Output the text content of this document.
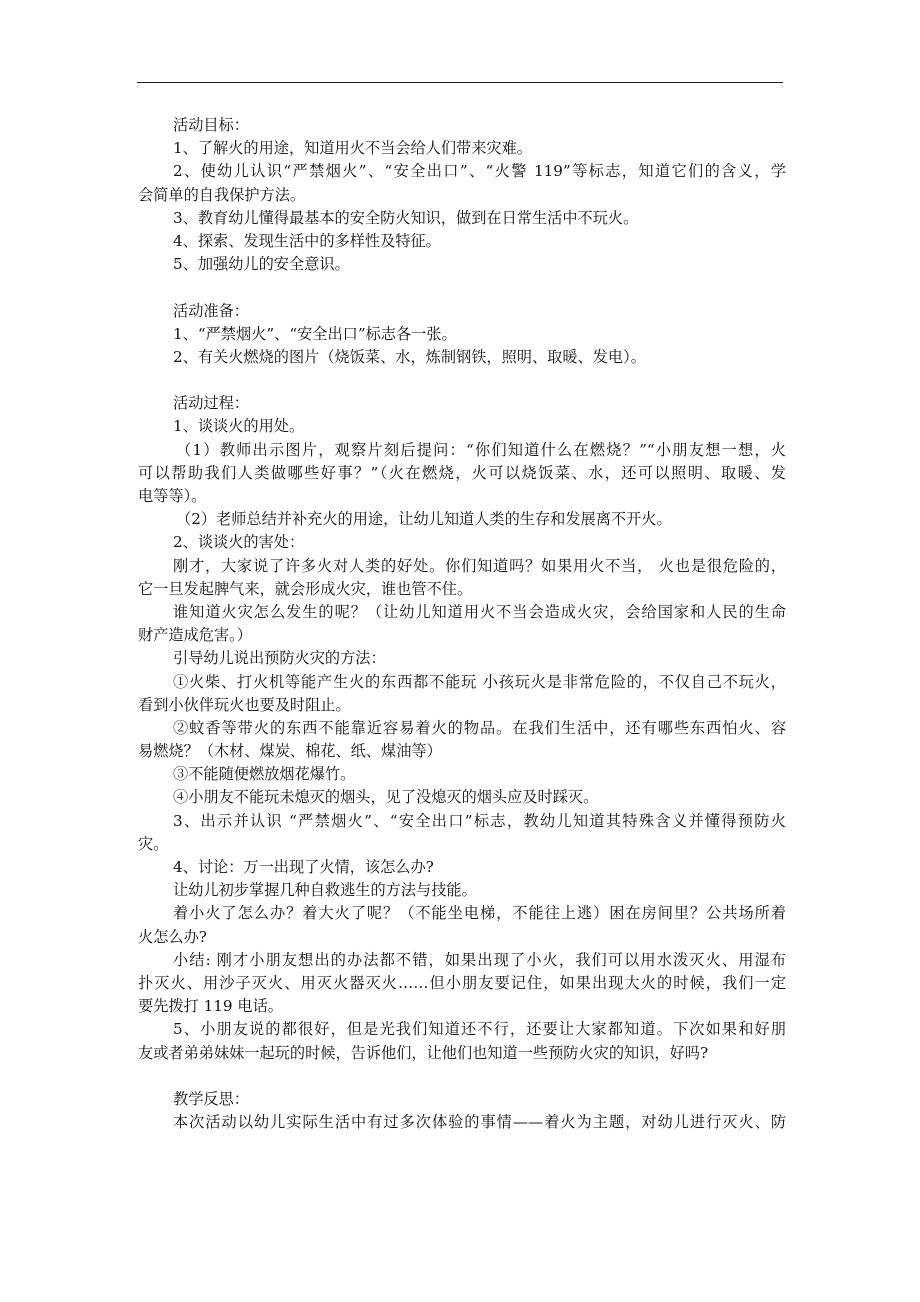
活动目标：
1、了解火的用途，知道用火不当会给人们带来灾难。
2、使幼儿认识“严禁烟火”、“安全出口”、“火警 119”等标志，知道它们的含义，学
会简单的自我保护方法。
3、教育幼儿懂得最基本的安全防火知识，做到在日常生活中不玩火。
4、探索、发现生活中的多样性及特征。
5、加强幼儿的安全意识。
活动准备：
1、“严禁烟火”、“安全出口”标志各一张。
2、有关火燃烧的图片（烧饭菜、水，炼制钢铁，照明、取暖、发电）。
活动过程：
1、谈谈火的用处。
（1）教师出示图片，观察片刻后提问：“你们知道什么在燃烧？”“小朋友想一想，火
可以帮助我们人类做哪些好事？”（火在燃烧，火可以烧饭菜、水，还可以照明、取暖、发
电等等）。
（2）老师总结并补充火的用途，让幼儿知道人类的生存和发展离不开火。
2、谈谈火的害处：
刚才，大家说了许多火对人类的好处。你们知道吗？如果用火不当， 火也是很危险的，
它一旦发起脾气来，就会形成火灾，谁也管不住。
谁知道火灾怎么发生的呢？（让幼儿知道用火不当会造成火灾，会给国家和人民的生命
财产造成危害。）
引导幼儿说出预防火灾的方法：
①火柴、打火机等能产生火的东西都不能玩 小孩玩火是非常危险的，不仅自己不玩火，
看到小伙伴玩火也要及时阻止。
②蚊香等带火的东西不能靠近容易着火的物品。在我们生活中，还有哪些东西怕火、容
易燃烧？（木材、煤炭、棉花、纸、煤油等）
③不能随便燃放烟花爆竹。
④小朋友不能玩未熄灭的烟头，见了没熄灭的烟头应及时踩灭。
3、出示并认识 “严禁烟火”、“安全出口”标志，教幼儿知道其特殊含义并懂得预防火
灾。
4、讨论：万一出现了火情，该怎么办?
让幼儿初步掌握几种自救逃生的方法与技能。
着小火了怎么办？着大火了呢？（不能坐电梯，不能往上逃）困在房间里？公共场所着
火怎么办?
小结: 刚才小朋友想出的办法都不错，如果出现了小火，我们可以用水泼灭火、用湿布
扑灭火、用沙子灭火、用灭火器灭火……但小朋友要记住，如果出现大火的时候，我们一定
要先拨打 119 电话。
5、小朋友说的都很好，但是光我们知道还不行，还要让大家都知道。下次如果和好朋
友或者弟弟妹妹一起玩的时候，告诉他们，让他们也知道一些预防火灾的知识，好吗?
教学反思：
本次活动以幼儿实际生活中有过多次体验的事情——着火为主题，对幼儿进行灭火、防
